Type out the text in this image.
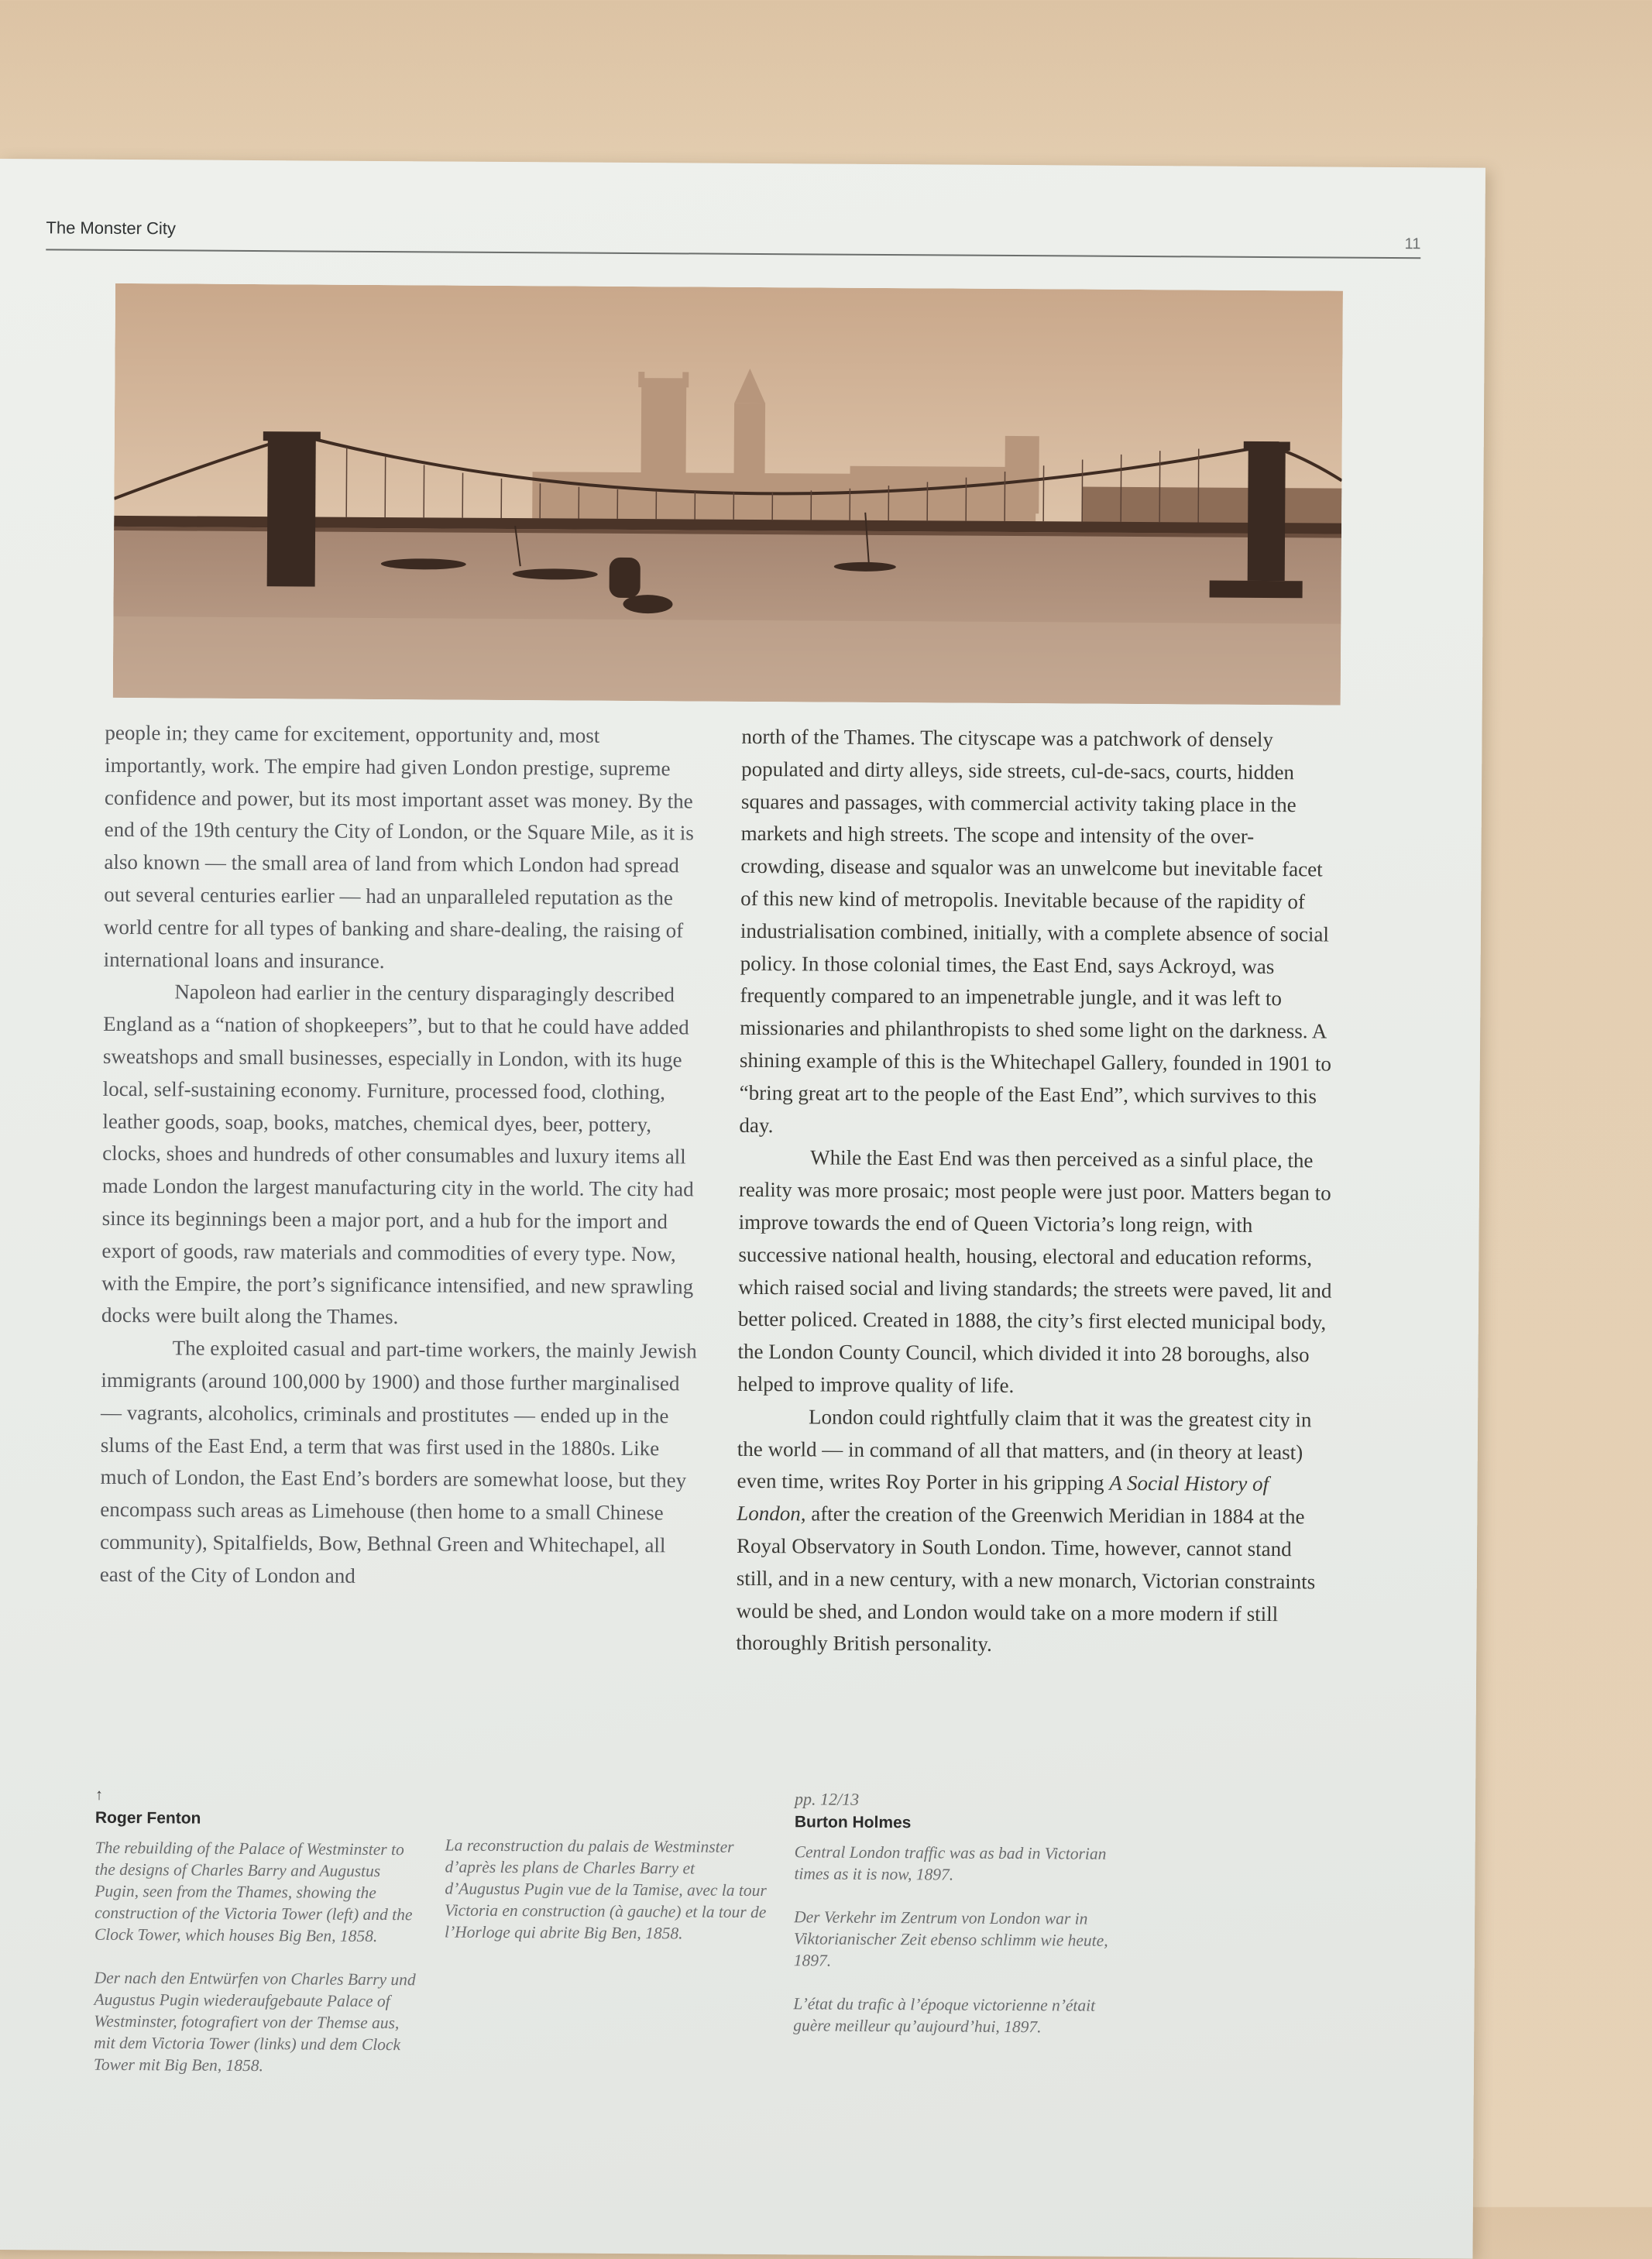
The Monster City
11

people in; they came for excitement, opportunity and, most importantly, work. The empire had given London prestige, supreme confidence and power, but its most important asset was money. By the end of the 19th century the City of London, or the Square Mile, as it is also known — the small area of land from which London had spread out several centuries earlier — had an unparalleled reputation as the world centre for all types of banking and share-dealing, the raising of international loans and insurance.

Napoleon had earlier in the century disparagingly described England as a “nation of shopkeepers”, but to that he could have added sweatshops and small businesses, especially in London, with its huge local, self-sustaining economy. Furniture, processed food, clothing, leather goods, soap, books, matches, chemical dyes, beer, pottery, clocks, shoes and hundreds of other consumables and luxury items all made London the largest manufacturing city in the world. The city had since its beginnings been a major port, and a hub for the import and export of goods, raw materials and commodities of every type. Now, with the Empire, the port’s significance intensified, and new sprawling docks were built along the Thames.

The exploited casual and part-time workers, the mainly Jewish immigrants (around 100,000 by 1900) and those further marginalised — vagrants, alcoholics, criminals and prostitutes — ended up in the slums of the East End, a term that was first used in the 1880s. Like much of London, the East End’s borders are somewhat loose, but they encompass such areas as Limehouse (then home to a small Chinese community), Spitalfields, Bow, Bethnal Green and Whitechapel, all east of the City of London and

north of the Thames. The cityscape was a patchwork of densely populated and dirty alleys, side streets, cul-de-sacs, courts, hidden squares and passages, with commercial activity taking place in the markets and high streets. The scope and intensity of the over-crowding, disease and squalor was an unwelcome but inevitable facet of this new kind of metropolis. Inevitable because of the rapidity of industrialisation combined, initially, with a complete absence of social policy. In those colonial times, the East End, says Ackroyd, was frequently compared to an impenetrable jungle, and it was left to missionaries and philanthropists to shed some light on the darkness. A shining example of this is the Whitechapel Gallery, founded in 1901 to “bring great art to the people of the East End”, which survives to this day.

While the East End was then perceived as a sinful place, the reality was more prosaic; most people were just poor. Matters began to improve towards the end of Queen Victoria’s long reign, with successive national health, housing, electoral and education reforms, which raised social and living standards; the streets were paved, lit and better policed. Created in 1888, the city’s first elected municipal body, the London County Council, which divided it into 28 boroughs, also helped to improve quality of life.

London could rightfully claim that it was the greatest city in the world — in command of all that matters, and (in theory at least) even time, writes Roy Porter in his gripping A Social History of London, after the creation of the Greenwich Meridian in 1884 at the Royal Observatory in South London. Time, however, cannot stand still, and in a new century, with a new monarch, Victorian constraints would be shed, and London would take on a more modern if still thoroughly British personality.

↑
Roger Fenton

The rebuilding of the Palace of Westminster to the designs of Charles Barry and Augustus Pugin, seen from the Thames, showing the construction of the Victoria Tower (left) and the Clock Tower, which houses Big Ben, 1858.

Der nach den Entwürfen von Charles Barry und Augustus Pugin wiederaufgebaute Palace of Westminster, fotografiert von der Themse aus, mit dem Victoria Tower (links) und dem Clock Tower mit Big Ben, 1858.

La reconstruction du palais de Westminster d’après les plans de Charles Barry et d’Augustus Pugin vue de la Tamise, avec la tour Victoria en construction (à gauche) et la tour de l’Horloge qui abrite Big Ben, 1858.

pp. 12/13
Burton Holmes

Central London traffic was as bad in Victorian times as it is now, 1897.

Der Verkehr im Zentrum von London war in Viktorianischer Zeit ebenso schlimm wie heute, 1897.

L’état du trafic à l’époque victorienne n’était guère meilleur qu’aujourd’hui, 1897.
